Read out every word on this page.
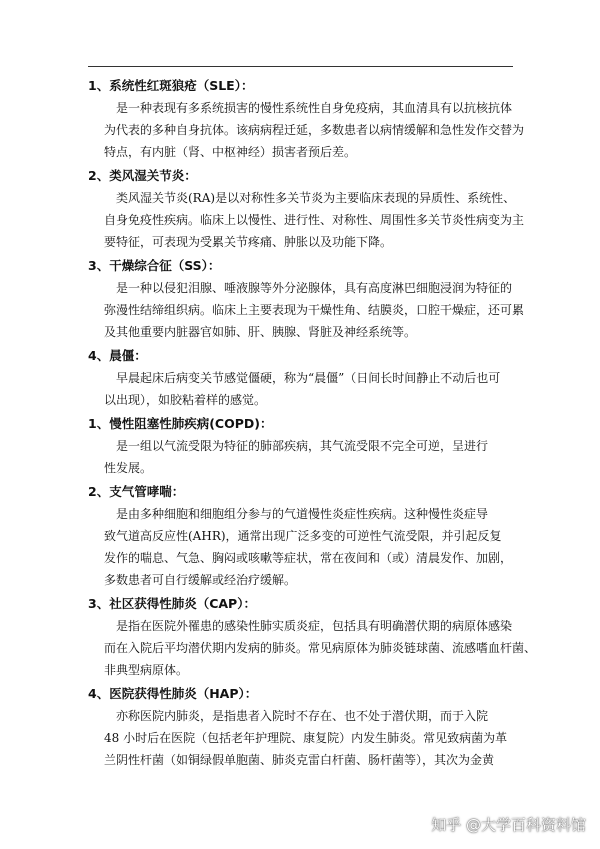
1、系统性红斑狼疮（SLE）：
是一种表现有多系统损害的慢性系统性自身免疫病，其血清具有以抗核抗体
为代表的多种自身抗体。该病病程迁延，多数患者以病情缓解和急性发作交替为
特点，有内脏（肾、中枢神经）损害者预后差。
2、类风湿关节炎：
类风湿关节炎(RA)是以对称性多关节炎为主要临床表现的异质性、系统性、
自身免疫性疾病。临床上以慢性、进行性、对称性、周围性多关节炎性病变为主
要特征，可表现为受累关节疼痛、肿胀以及功能下降。
3、干燥综合征（SS）：
是一种以侵犯泪腺、唾液腺等外分泌腺体，具有高度淋巴细胞浸润为特征的
弥漫性结缔组织病。临床上主要表现为干燥性角、结膜炎，口腔干燥症，还可累
及其他重要内脏器官如肺、肝、胰腺、肾脏及神经系统等。
4、晨僵：
早晨起床后病变关节感觉僵硬，称为“晨僵”（日间长时间静止不动后也可
以出现），如胶粘着样的感觉。
1、慢性阻塞性肺疾病(COPD)：
是一组以气流受限为特征的肺部疾病，其气流受限不完全可逆，呈进行
性发展。
2、支气管哮喘：
是由多种细胞和细胞组分参与的气道慢性炎症性疾病。这种慢性炎症导
致气道高反应性(AHR)，通常出现广泛多变的可逆性气流受限，并引起反复
发作的喘息、气急、胸闷或咳嗽等症状，常在夜间和（或）清晨发作、加剧，
多数患者可自行缓解或经治疗缓解。
3、社区获得性肺炎（CAP）：
是指在医院外罹患的感染性肺实质炎症，包括具有明确潜伏期的病原体感染
而在入院后平均潜伏期内发病的肺炎。常见病原体为肺炎链球菌、流感嗜血杆菌、
非典型病原体。
4、医院获得性肺炎（HAP）：
亦称医院内肺炎，是指患者入院时不存在、也不处于潜伏期，而于入院
48 小时后在医院（包括老年护理院、康复院）内发生肺炎。常见致病菌为革
兰阴性杆菌（如铜绿假单胞菌、肺炎克雷白杆菌、肠杆菌等），其次为金黄
知乎 @大学百科资料馆
